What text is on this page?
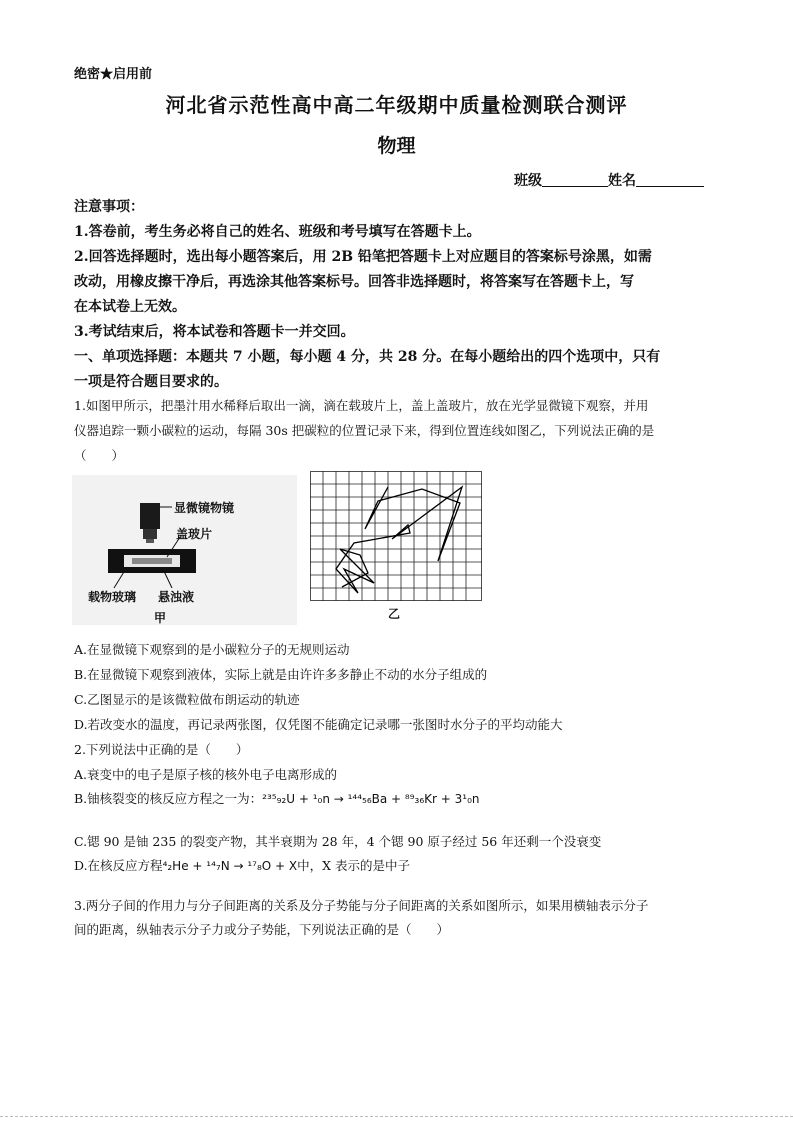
绝密★启用前
河北省示范性高中高二年级期中质量检测联合测评
物理
班级	姓名
注意事项：
1.答卷前，考生务必将自己的姓名、班级和考号填写在答题卡上。
2.回答选择题时，选出每小题答案后，用 2B 铅笔把答题卡上对应题目的答案标号涂黑，如需
改动，用橡皮擦干净后，再选涂其他答案标号。回答非选择题时，将答案写在答题卡上，写
在本试卷上无效。
3.考试结束后，将本试卷和答题卡一并交回。
一、单项选择题：本题共 7 小题，每小题 4 分，共 28 分。在每小题给出的四个选项中，只有
一项是符合题目要求的。
1.如图甲所示，把墨汁用水稀释后取出一滴，滴在载玻片上，盖上盖玻片，放在光学显微镜下观察，并用
仪器追踪一颗小碳粒的运动，每隔 30s 把碳粒的位置记录下来，得到位置连线如图乙，下列说法正确的是
（　　）
显微镜物镜
盖玻片
载物玻璃 悬浊液
甲	乙
A.在显微镜下观察到的是小碳粒分子的无规则运动
B.在显微镜下观察到液体，实际上就是由许许多多静止不动的水分子组成的
C.乙图显示的是该微粒做布朗运动的轨迹
D.若改变水的温度，再记录两张图，仅凭图不能确定记录哪一张图时水分子的平均动能大
2.下列说法中正确的是（　　）
A.衰变中的电子是原子核的核外电子电离形成的
B.铀核裂变的核反应方程之一为：²³⁵₉₂U + ¹₀n → ¹⁴⁴₅₆Ba + ⁸⁹₃₆Kr + 3¹₀n
C.锶 90 是铀 235 的裂变产物，其半衰期为 28 年，4 个锶 90 原子经过 56 年还剩一个没衰变
D.在核反应方程⁴₂He + ¹⁴₇N → ¹⁷₈O + X中，X 表示的是中子
3.两分子间的作用力与分子间距离的关系及分子势能与分子间距离的关系如图所示，如果用横轴表示分子
间的距离，纵轴表示分子力或分子势能，下列说法正确的是（　　）
